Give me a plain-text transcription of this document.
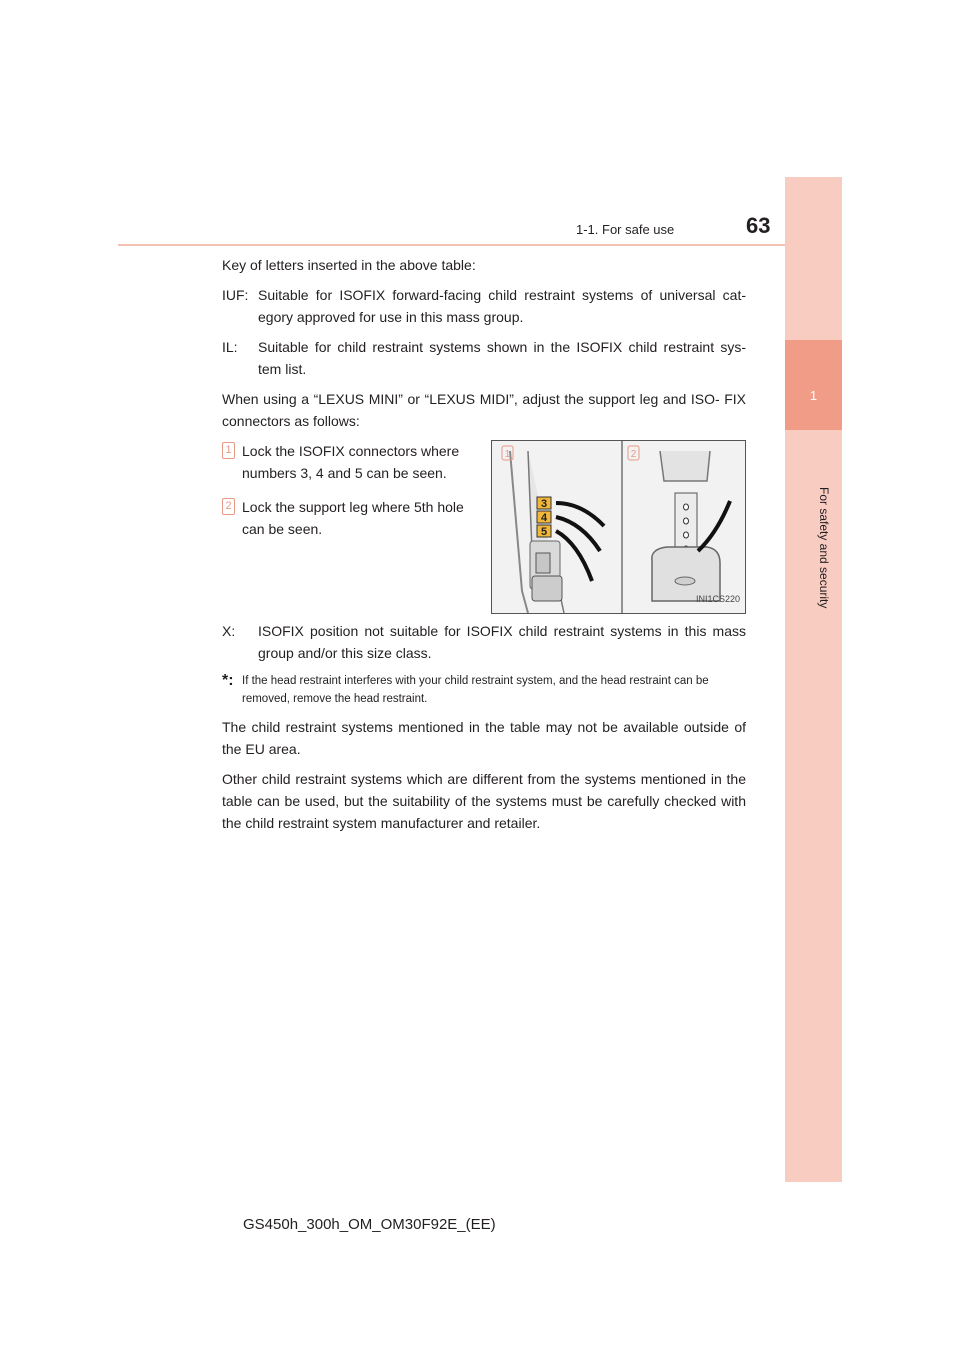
1-1. For safe use	63
1
For safety and security

Key of letters inserted in the above table:

IUF: Suitable for ISOFIX forward-facing child restraint systems of universal cat- egory approved for use in this mass group.
IL:	Suitable for child restraint systems shown in the ISOFIX child restraint sys- tem list.

When using a “LEXUS MINI” or “LEXUS MIDI”, adjust the support leg and ISO- FIX connectors as follows:

1 Lock the ISOFIX connectors where numbers 3, 4 and 5 can be seen.
2 Lock the support leg where 5th hole can be seen.
3
4
5
1	2
INI1CS220
X:	ISOFIX position not suitable for ISOFIX child restraint systems in this mass group and/or this size class.
*: If the head restraint interferes with your child restraint system, and the head restraint can be removed, remove the head restraint.

The child restraint systems mentioned in the table may not be available outside of the EU area.

Other child restraint systems which are different from the systems mentioned in the table can be used, but the suitability of the systems must be carefully checked with the child restraint system manufacturer and retailer.

GS450h_300h_OM_OM30F92E_(EE)
